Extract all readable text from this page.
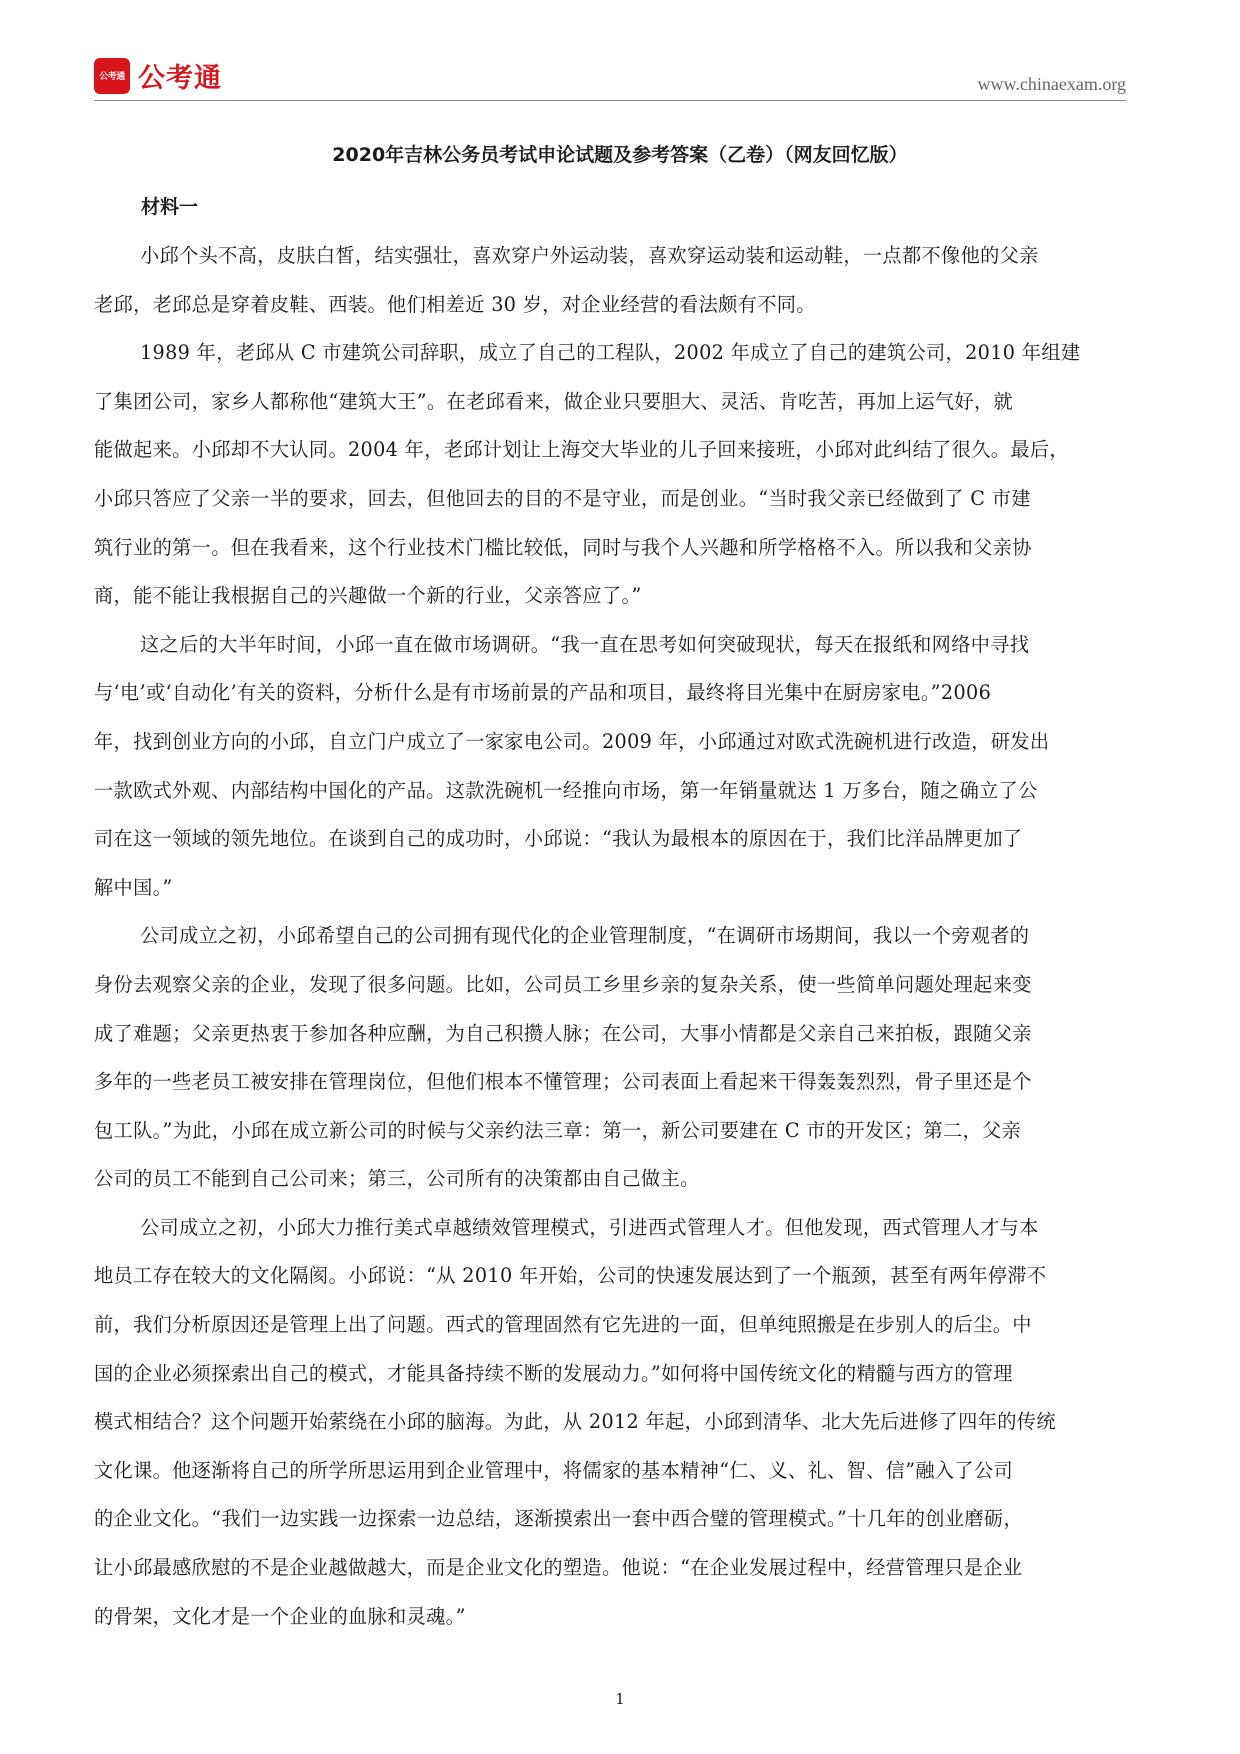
公考通 公考通	www.chinaexam.org
2020年吉林公务员考试申论试题及参考答案（乙卷）（网友回忆版）
材料一
小邱个头不高，皮肤白皙，结实强壮，喜欢穿户外运动装，喜欢穿运动装和运动鞋，一点都不像他的父亲
老邱，老邱总是穿着皮鞋、西装。他们相差近 30 岁，对企业经营的看法颇有不同。
1989 年，老邱从 C 市建筑公司辞职，成立了自己的工程队，2002 年成立了自己的建筑公司，2010 年组建
了集团公司，家乡人都称他“建筑大王”。在老邱看来，做企业只要胆大、灵活、肯吃苦，再加上运气好，就
能做起来。小邱却不大认同。2004 年，老邱计划让上海交大毕业的儿子回来接班，小邱对此纠结了很久。最后，
小邱只答应了父亲一半的要求，回去，但他回去的目的不是守业，而是创业。“当时我父亲已经做到了 C 市建
筑行业的第一。但在我看来，这个行业技术门槛比较低，同时与我个人兴趣和所学格格不入。所以我和父亲协
商，能不能让我根据自己的兴趣做一个新的行业，父亲答应了。”
这之后的大半年时间，小邱一直在做市场调研。“我一直在思考如何突破现状，每天在报纸和网络中寻找
与‘电’或‘自动化’有关的资料，分析什么是有市场前景的产品和项目，最终将目光集中在厨房家电。”2006
年，找到创业方向的小邱，自立门户成立了一家家电公司。2009 年，小邱通过对欧式洗碗机进行改造，研发出
一款欧式外观、内部结构中国化的产品。这款洗碗机一经推向市场，第一年销量就达 1 万多台，随之确立了公
司在这一领域的领先地位。在谈到自己的成功时，小邱说：“我认为最根本的原因在于，我们比洋品牌更加了
解中国。”
公司成立之初，小邱希望自己的公司拥有现代化的企业管理制度，“在调研市场期间，我以一个旁观者的
身份去观察父亲的企业，发现了很多问题。比如，公司员工乡里乡亲的复杂关系，使一些简单问题处理起来变
成了难题；父亲更热衷于参加各种应酬，为自己积攒人脉；在公司，大事小情都是父亲自己来拍板，跟随父亲
多年的一些老员工被安排在管理岗位，但他们根本不懂管理；公司表面上看起来干得轰轰烈烈，骨子里还是个
包工队。”为此，小邱在成立新公司的时候与父亲约法三章：第一，新公司要建在 C 市的开发区；第二，父亲
公司的员工不能到自己公司来；第三，公司所有的决策都由自己做主。
公司成立之初，小邱大力推行美式卓越绩效管理模式，引进西式管理人才。但他发现，西式管理人才与本
地员工存在较大的文化隔阂。小邱说：“从 2010 年开始，公司的快速发展达到了一个瓶颈，甚至有两年停滞不
前，我们分析原因还是管理上出了问题。西式的管理固然有它先进的一面，但单纯照搬是在步别人的后尘。中
国的企业必须探索出自己的模式，才能具备持续不断的发展动力。”如何将中国传统文化的精髓与西方的管理
模式相结合？这个问题开始萦绕在小邱的脑海。为此，从 2012 年起，小邱到清华、北大先后进修了四年的传统
文化课。他逐渐将自己的所学所思运用到企业管理中，将儒家的基本精神“仁、义、礼、智、信”融入了公司
的企业文化。“我们一边实践一边探索一边总结，逐渐摸索出一套中西合璧的管理模式。”十几年的创业磨砺，
让小邱最感欣慰的不是企业越做越大，而是企业文化的塑造。他说：“在企业发展过程中，经营管理只是企业
的骨架，文化才是一个企业的血脉和灵魂。”
1
